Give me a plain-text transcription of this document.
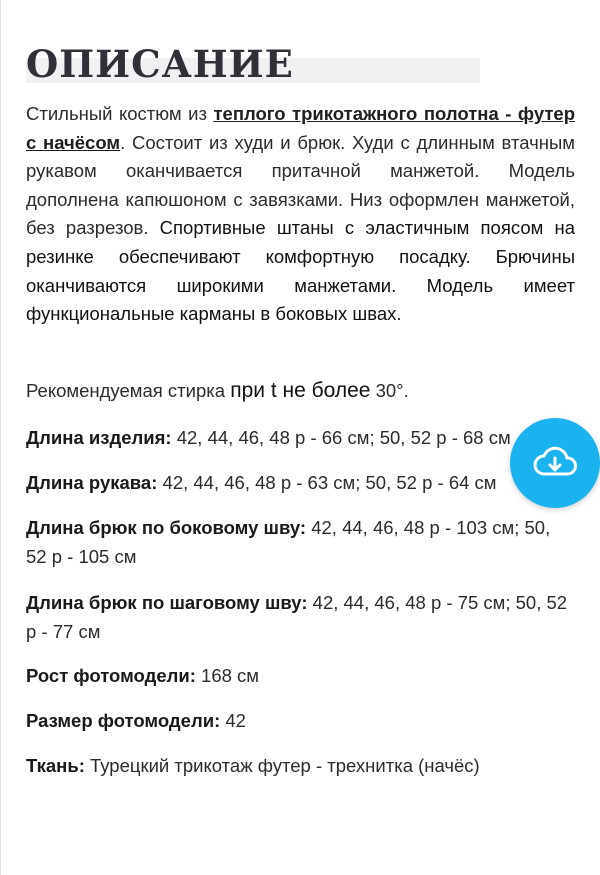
ОПИСАНИЕ

Стильный костюм из теплого трикотажного полотна - футер с начёсом. Состоит из худи и брюк. Худи с длинным втачным рукавом оканчивается притачной манжетой. Модель дополнена капюшоном с завязками. Низ оформлен манжетой, без разрезов. Спортивные штаны с эластичным поясом на резинке обеспечивают комфортную посадку. Брючины оканчиваются широкими манжетами. Модель имеет функциональные карманы в боковых швах.

Рекомендуемая стирка при t не более 30°.

Длина изделия: 42, 44, 46, 48 р - 66 см; 50, 52 р - 68 см

Длина рукава: 42, 44, 46, 48 р - 63 см; 50, 52 р - 64 см

Длина брюк по боковому шву: 42, 44, 46, 48 р - 103 см; 50, 52 р - 105 см

Длина брюк по шаговому шву: 42, 44, 46, 48 р - 75 см; 50, 52 р - 77 см

Рост фотомодели: 168 см

Размер фотомодели: 42

Ткань: Турецкий трикотаж футер - трехнитка (начёс)
